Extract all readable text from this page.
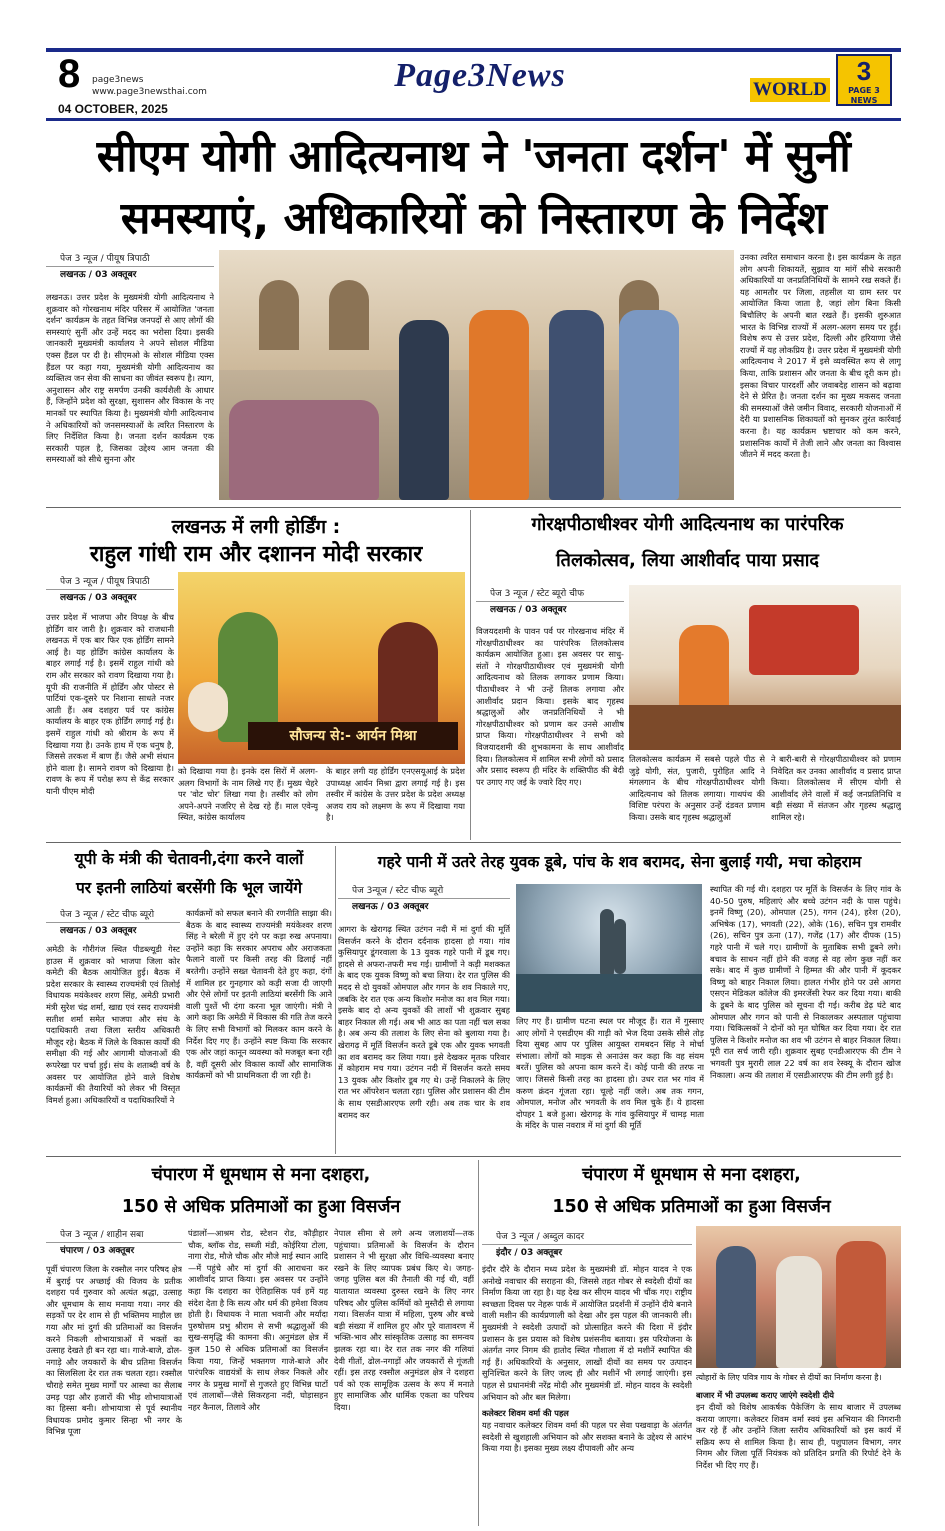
8 page3news
www.page3newsthai.com
04 OCTOBER, 2025
Page3News	WORLD
3
PAGE 3 NEWS
सीएम योगी आदित्यनाथ ने 'जनता दर्शन' में सुनीं
समस्याएं, अधिकारियों को निस्तारण के निर्देश
पेज 3 न्यूज / पीयूष त्रिपाठी
लखनऊ / 03 अक्तूबर
लखनऊ। उत्तर प्रदेश के मुख्यमंत्री योगी आदित्यनाथ ने शुक्रवार को गोरखनाथ मंदिर परिसर में आयोजित 'जनता दर्शन' कार्यक्रम के तहत विभिन्न जनपदों से आए लोगों की समस्याएं सुनीं और उन्हें मदद का भरोसा दिया। इसकी जानकारी मुख्यमंत्री कार्यालय ने अपने सोशल मीडिया एक्स हैंडल पर दी है। सीएमओ के सोशल मीडिया एक्स हैंडल पर कहा गया, मुख्यमंत्री योगी आदित्यनाथ का व्यक्तित्व जन सेवा की साधना का जीवंत स्वरूप है। त्याग, अनुशासन और राष्ट्र समर्पण उनकी कार्यशैली के आधार हैं, जिन्होंने प्रदेश को सुरक्षा, सुशासन और विकास के नए मानकों पर स्थापित किया है। मुख्यमंत्री योगी आदित्यनाथ ने अधिकारियों को जनसमस्याओं के त्वरित निस्तारण के लिए निर्देशित किया है। जनता दर्शन कार्यक्रम एक सरकारी पहल है, जिसका उद्देश्य आम जनता की समस्याओं को सीधे सुनना और
उनका त्वरित समाधान करना है। इस कार्यक्रम के तहत लोग अपनी शिकायतें, सुझाव या मांगें सीधे सरकारी अधिकारियों या जनप्रतिनिधियों के सामने रख सकते हैं। यह आमतौर पर जिला, तहसील या ग्राम स्तर पर आयोजित किया जाता है, जहां लोग बिना किसी बिचौलिए के अपनी बात रखते हैं। इसकी शुरुआत भारत के विभिन्न राज्यों में अलग-अलग समय पर हुई। विशेष रूप से उत्तर प्रदेश, दिल्ली और हरियाणा जैसे राज्यों में यह लोकप्रिय है। उत्तर प्रदेश में मुख्यमंत्री योगी आदित्यनाथ ने 2017 में इसे व्यवस्थित रूप से लागू किया, ताकि प्रशासन और जनता के बीच दूरी कम हो। इसका विचार पारदर्शी और जवाबदेह शासन को बढ़ावा देने से प्रेरित है। जनता दर्शन का मुख्य मकसद जनता की समस्याओं जैसे जमीन विवाद, सरकारी योजनाओं में देरी या प्रशासनिक शिकायतों को सुनकर तुरंत कार्रवाई करना है। यह कार्यक्रम भ्रष्टाचार को कम करने, प्रशासनिक कार्यों में तेजी लाने और जनता का विश्वास जीतने में मदद करता है।
लखनऊ में लगी होर्डिंग :
राहुल गांधी राम और दशानन मोदी सरकार
पेज 3 न्यूज / पीयूष त्रिपाठी
लखनऊ / 03 अक्तूबर
उत्तर प्रदेश में भाजपा और विपक्ष के बीच होर्डिंग वार जारी है। शुक्रवार को राजधानी लखनऊ में एक बार फिर एक होर्डिंग सामने आई है। यह होर्डिंग कांग्रेस कार्यालय के बाहर लगाई गई है। इसमें राहुल गांधी को राम और सरकार को रावण दिखाया गया है। यूपी की राजनीति में होर्डिंग और पोस्टर से पार्टियां एक-दूसरे पर निशाना साधते नजर आती हैं। अब दशहरा पर्व पर कांग्रेस कार्यालय के बाहर एक होर्डिंग लगाई गई है। इसमें राहुल गांधी को श्रीराम के रूप में दिखाया गया है। उनके हाथ में एक धनुष है, जिससे तरकश में बाण हैं। जैसे अभी संधान होने वाला है। सामने रावण को दिखाया है। रावण के रूप में परोक्ष रूप से केंद्र सरकार यानी पीएम मोदी
सौजन्य से:- आर्यन मिश्रा
को दिखाया गया है। इनके दस सिरों में अलग-अलग विभागों के नाम लिखे गए हैं। मुख्य चेहरे पर 'वोट चोर' लिखा गया है। तस्वीर को लोग अपने-अपने नजरिए से देख रहे हैं। माल एवेन्यू स्थित, कांग्रेस कार्यालय
के बाहर लगी यह होर्डिंग एनएसयूआई के प्रदेश उपाध्यक्ष आर्यन मिश्रा द्वारा लगाई गई है। इस तस्वीर में कांग्रेस के उत्तर प्रदेश के प्रदेश अध्यक्ष अजय राय को लक्ष्मण के रूप में दिखाया गया है।
गोरक्षपीठाधीश्वर योगी आदित्यनाथ का पारंपरिक
तिलकोत्सव, लिया आशीर्वाद पाया प्रसाद
पेज 3 न्यूज / स्टेट ब्यूरो चीफ
लखनऊ / 03 अक्तूबर
विजयदशमी के पावन पर्व पर गोरखनाथ मंदिर में गोरक्षपीठाधीश्वर का पारंपरिक तिलकोत्सव कार्यक्रम आयोजित हुआ। इस अवसर पर साधु-संतों ने गोरक्षपीठाधीश्वर एवं मुख्यमंत्री योगी आदित्यनाथ को तिलक लगाकर प्रणाम किया। पीठाधीश्वर ने भी उन्हें तिलक लगाया और आशीर्वाद प्रदान किया। इसके बाद गृहस्थ श्रद्धालुओं और जनप्रतिनिधियों ने भी गोरक्षपीठाधीश्वर को प्रणाम कर उनसे आशीष प्राप्त किया। गोरक्षपीठाधीश्वर ने सभी को विजयादशमी की शुभकामना के साथ आशीर्वाद दिया। तिलकोत्सव में शामिल सभी लोगों को प्रसाद और प्रसाद स्वरूप ही मंदिर के शक्तिपीठ की बेदी पर उगाए गए जई के ज्वारे दिए गए।
तिलकोत्सव कार्यक्रम में सबसे पहले पीठ से जुड़े योगी, संत, पुजारी, पुरोहित आदि ने मंगलगान के बीच गोरक्षपीठाधीश्वर योगी आदित्यनाथ को तिलक लगाया। गाथपंथ की विशिष्ट परंपरा के अनुसार उन्हें दंडवत प्रणाम किया। उसके बाद गृहस्थ श्रद्धालुओं
ने बारी-बारी से गोरक्षपीठाधीश्वर को प्रणाम निवेदित कर उनका आशीर्वाद व प्रसाद प्राप्त किया। तिलकोत्सव में सीएम योगी से आशीर्वाद लेने वालों में कई जनप्रतिनिधि व बड़ी संख्या में संतजन और गृहस्थ श्रद्धालु शामिल रहे।
यूपी के मंत्री की चेतावनी,दंगा करने वालों
पर इतनी लाठियां बरसेंगी कि भूल जायेंगे
पेज 3 न्यूज / स्टेट चीफ ब्यूरो
लखनऊ / 03 अक्तूबर
अमेठी के गौरीगंज स्थित पीडब्ल्यूडी गेस्ट हाउस में शुक्रवार को भाजपा जिला कोर कमेटी की बैठक आयोजित हुई। बैठक में प्रदेश सरकार के स्वास्थ्य राज्यमंत्री एवं तिलोई विधायक मयंकेश्वर शरण सिंह, अमेठी प्रभारी मंत्री सुरेश चंद्र शर्मा, खाद्य एवं रसद राज्यमंत्री सतीश शर्मा समेत भाजपा और संघ के पदाधिकारी तथा जिला स्तरीय अधिकारी मौजूद रहे। बैठक में जिले के विकास कार्यों की समीक्षा की गई और आगामी योजनाओं की रूपरेखा पर चर्चा हुई। संघ के शताब्दी वर्ष के अवसर पर आयोजित होने वाले विशेष कार्यक्रमों की तैयारियों को लेकर भी विस्तृत विमर्श हुआ। अधिकारियों व पदाधिकारियों ने
कार्यक्रमों को सफल बनाने की रणनीति साझा की। बैठक के बाद स्वास्थ्य राज्यमंत्री मयंकेश्वर शरण सिंह ने बरेली में हुए दंगे पर कड़ा रुख अपनाया। उन्होंने कहा कि सरकार अपराध और अराजकता फैलाने वालों पर किसी तरह की ढिलाई नहीं बरतेगी। उन्होंने सख्त चेतावनी देते हुए कहा, दंगों में शामिल हर गुनहगार को कड़ी सजा दी जाएगी और ऐसे लोगों पर इतनी लाठियां बरसेंगी कि आने वाली पुश्तें भी दंगा करना भूल जाएंगी। मंत्री ने आगे कहा कि अमेठी में विकास की गति तेज करने के लिए सभी विभागों को मिलकर काम करने के निर्देश दिए गए हैं। उन्होंने स्पष्ट किया कि सरकार एक ओर जहां कानून व्यवस्था को मजबूत बना रही है, वहीं दूसरी ओर विकास कार्यों और सामाजिक कार्यक्रमों को भी प्राथमिकता दी जा रही है।
गहरे पानी में उतरे तेरह युवक डूबे, पांच के शव बरामद, सेना बुलाई गयी, मचा कोहराम
पेज 3न्यूज / स्टेट चीफ ब्यूरो
लखनऊ / 03 अक्तूबर
आगरा के खेरागढ़ स्थित उटंगन नदी में मां दुर्गा की मूर्ति विसर्जन करने के दौरान दर्दनाक हादसा हो गया। गांव कुसियापुर डूंगरवाला के 13 युवक गहरे पानी में डूब गए। हादसे से अफरा-तफरी मच गई। ग्रामीणों ने कड़ी मशक्कत के बाद एक युवक विष्णु को बचा लिया। देर रात पुलिस की मदद से दो युवकों ओमपाल और गगन के शव निकाले गए, जबकि देर रात एक अन्य किशोर मनोज का शव मिल गया। इसके बाद दो अन्य युवकों की लाशों भी शुक्रवार सुबह बाहर निकाल ली गई। अब भी आठ का पता नहीं चल सका है। अब अन्य की तलाश के लिए सेना को बुलाया गया है। खेरागढ़ में मूर्ति विसर्जन करते डूबे एक और युवक भगवती का शव बरामद कर लिया गया। इसे देखकर मृतक परिवार में कोहराम मच गया। उटंगन नदी में विसर्जन करते समय 13 युवक और किशोर डूब गए थे। उन्हें निकालने के लिए रात भर ऑपरेशन चलता रहा। पुलिस और प्रशासन की टीम के साथ एसडीआरएफ लगी रही। अब तक चार के शव बरामद कर
लिए गए हैं। ग्रामीण घटना स्थल पर मौजूद हैं। रात में गुस्साए आए लोगों ने एसडीएम की गाड़ी को भेज दिया उसके सीसे तोड़ दिया सुबह आप पर पुलिस आयुक्त रामबदन सिंह ने मोर्चा संभाला। लोगों को माइक से अनाउंस कर कहा कि वह संयम बरतें। पुलिस को अपना काम करने दें। कोई पानी की तरफ ना जाए। जिससे किसी तरह का हादसा हो। उधर रात भर गांव में करुण क्रंदन गूंजता रहा। चूल्हे नहीं जले। अब तक गगन, ओमपाल, मनोज और भगवती के शव मिल चुके हैं। ये हादसा दोपहर 1 बजे हुआ। खेरागढ़ के गांव कुसियापुर में चामड़ माता के मंदिर के पास नवरात्र में मां दुर्गा की मूर्ति
स्थापित की गई थी। दशहरा पर मूर्ति के विसर्जन के लिए गांव के 40-50 पुरुष, महिलाएं और बच्चे उटंगन नदी के पास पहुंचे। इनमें विष्णु (20), ओमपाल (25), गगन (24), हरेश (20), अभिषेक (17), भगवती (22), ओके (16), सचिन पुत्र रामवीर (26), सचिन पुत्र ऊना (17), गजेंद्र (17) और दीपक (15) गहरे पानी में चले गए। ग्रामीणों के मुताबिक सभी डूबने लगे। बचाव के साधन नहीं होने की वजह से वह लोग कुछ नहीं कर सके। बाद में कुछ ग्रामीणों ने हिम्मत की और पानी में कूदकर विष्णु को बाहर निकाल लिया। हालत गंभीर होने पर उसे आगरा एसएन मेडिकल कॉलेज की इमरजेंसी रेफर कर दिया गया। बाकी के डूबने के बाद पुलिस को सूचना दी गई। करीब डेढ़ घंटे बाद ओमपाल और गगन को पानी से निकालकर अस्पताल पहुंचाया गया। चिकित्सकों ने दोनों को मृत घोषित कर दिया गया। देर रात पुलिस ने किशोर मनोज का शव भी उटंगन से बाहर निकाल लिया। पूरी रात सर्च जारी रही। शुक्रवार सुबह एनडीआरएफ की टीम ने भगवती पुत्र मुरारी लाल 22 वर्ष का शव रेस्क्यू के दौरान खोज निकाला। अन्य की तलाश में एसडीआरएफ की टीम लगी हुई है।
चंपारण में धूमधाम से मना दशहरा,
150 से अधिक प्रतिमाओं का हुआ विसर्जन
पेज 3 न्यूज / शाहीन सबा
चंपारण / 03 अक्तूबर
पूर्वी चंपारण जिला के रक्सौल नगर परिषद क्षेत्र में बुराई पर अच्छाई की विजय के प्रतीक दशहरा पर्व गुरुवार को अत्यंत श्रद्धा, उत्साह और धूमधाम के साथ मनाया गया। नगर की सड़कों पर देर शाम से ही भक्तिमय माहौल छा गया और मां दुर्गा की प्रतिमाओं का विसर्जन करने निकली शोभायात्राओं में भक्तों का उत्साह देखते ही बन रहा था। गाजे-बाजे, ढोल-नगाड़े और जयकारों के बीच प्रतिमा विसर्जन का सिलसिला देर रात तक चलता रहा। रक्सौल चौराहे समेत मुख्य मार्गों पर आस्था का सैलाब उमड़ पड़ा और हजारों की भीड़ शोभायात्राओं का हिस्सा बनी। शोभायात्रा से पूर्व स्थानीय विधायक प्रमोद कुमार सिन्हा भी नगर के विभिन्न पूजा
पंडालों—आश्रम रोड, स्टेशन रोड, कौड़ीहार चौक, ब्लॉक रोड, सब्जी मंडी, कोईरिया टोला, नागा रोड, मौजे चौक और मौजे माई स्थान आदि—में पहुंचे और मां दुर्गा की आराधना कर आशीर्वाद प्राप्त किया। इस अवसर पर उन्होंने कहा कि दशहरा का ऐतिहासिक पर्व हमें यह संदेश देता है कि सत्य और धर्म की हमेशा विजय होती है। विधायक ने माता भवानी और मर्यादा पुरुषोत्तम प्रभु श्रीराम से सभी श्रद्धालुओं की सुख-समृद्धि की कामना की। अनुमंडल क्षेत्र में कुल 150 से अधिक प्रतिमाओं का विसर्जन किया गया, जिन्हें भक्तगण गाजे-बाजे और पारंपरिक वाद्ययंत्रों के साथ लेकर निकले और नगर के प्रमुख मार्गों से गुजरते हुए विभिन्न घाटों एवं तालाबों—जैसे सिकरहना नदी, घोड़ासहन नहर कैनाल, तिलावे और
नेपाल सीमा से लगे अन्य जलाशयों—तक पहुंचाया। प्रतिमाओं के विसर्जन के दौरान प्रशासन ने भी सुरक्षा और विधि-व्यवस्था बनाए रखने के लिए व्यापक प्रबंध किए थे। जगह-जगह पुलिस बल की तैनाती की गई थी, वहीं यातायात व्यवस्था दुरुस्त रखने के लिए नगर परिषद और पुलिस कर्मियों को मुस्तैदी से लगाया गया। विसर्जन यात्रा में महिला, पुरुष और बच्चे बड़ी संख्या में शामिल हुए और पूरे वातावरण में भक्ति-भाव और सांस्कृतिक उत्साह का समन्वय झलक रहा था। देर रात तक नगर की गलियां देवी गीतों, ढोल-नगाड़ों और जयकारों से गूंजती रहीं। इस तरह रक्सौल अनुमंडल क्षेत्र ने दशहरा पर्व को एक सामूहिक उत्सव के रूप में मनाते हुए सामाजिक और धार्मिक एकता का परिचय दिया।
चंपारण में धूमधाम से मना दशहरा,
150 से अधिक प्रतिमाओं का हुआ विसर्जन
पेज 3 न्यूज / अब्दुल कादर
इंदौर / 03 अक्तूबर
इंदौर दौरे के दौरान मध्य प्रदेश के मुख्यमंत्री डॉ. मोहन यादव ने एक अनोखे नवाचार की सराहना की, जिससे तहत गोबर से स्वदेशी दीयों का निर्माण किया जा रहा है। यह देख कर सीएम यादव भी चौंक गए। राष्ट्रीय स्वच्छता दिवस पर नेहरू पार्क में आयोजित प्रदर्शनी में उन्होंने दीये बनाने वाली मशीन की कार्यप्रणाली को देखा और इस पहल की जानकारी ली। मुख्यमंत्री ने स्वदेशी उत्पादों को प्रोत्साहित करने की दिशा में इंदौर प्रशासन के इस प्रयास को विशेष प्रशंसनीय बताया। इस परियोजना के अंतर्गत नगर निगम की हातोद स्थित गौशाला में दो मशीनें स्थापित की गई हैं। अधिकारियों के अनुसार, लाखों दीयों का समय पर उत्पादन सुनिश्चित करने के लिए जल्द ही और मशीनें भी लगाई जाएंगी। इस पहल से प्रधानमंत्री नरेंद्र मोदी और मुख्यमंत्री डॉ. मोहन यादव के स्वदेशी अभियान को और बल मिलेगा।
कलेक्टर शिवम वर्मा की पहल
यह नवाचार कलेक्टर शिवम वर्मा की पहल पर सेवा पखवाड़ा के अंतर्गत स्वदेशी से खुशहाली अभियान को और सशक्त बनाने के उद्देश्य से आरंभ किया गया है। इसका मुख्य लक्ष्य दीपावली और अन्य
त्योहारों के लिए पवित्र गाय के गोबर से दीयों का निर्माण करना है।
बाजार में भी उपलब्ध कराए जाएंगे स्वदेशी दीये
इन दीयों को विशेष आकर्षक पैकेजिंग के साथ बाजार में उपलब्ध कराया जाएगा। कलेक्टर शिवम वर्मा स्वयं इस अभियान की निगरानी कर रहे हैं और उन्होंने जिला स्तरीय अधिकारियों को इस कार्य में सक्रिय रूप से शामिल किया है। साथ ही, पशुपालन विभाग, नगर निगम और जिला पूर्ति नियंत्रक को प्रतिदिन प्रगति की रिपोर्ट देने के निर्देश भी दिए गए हैं।
